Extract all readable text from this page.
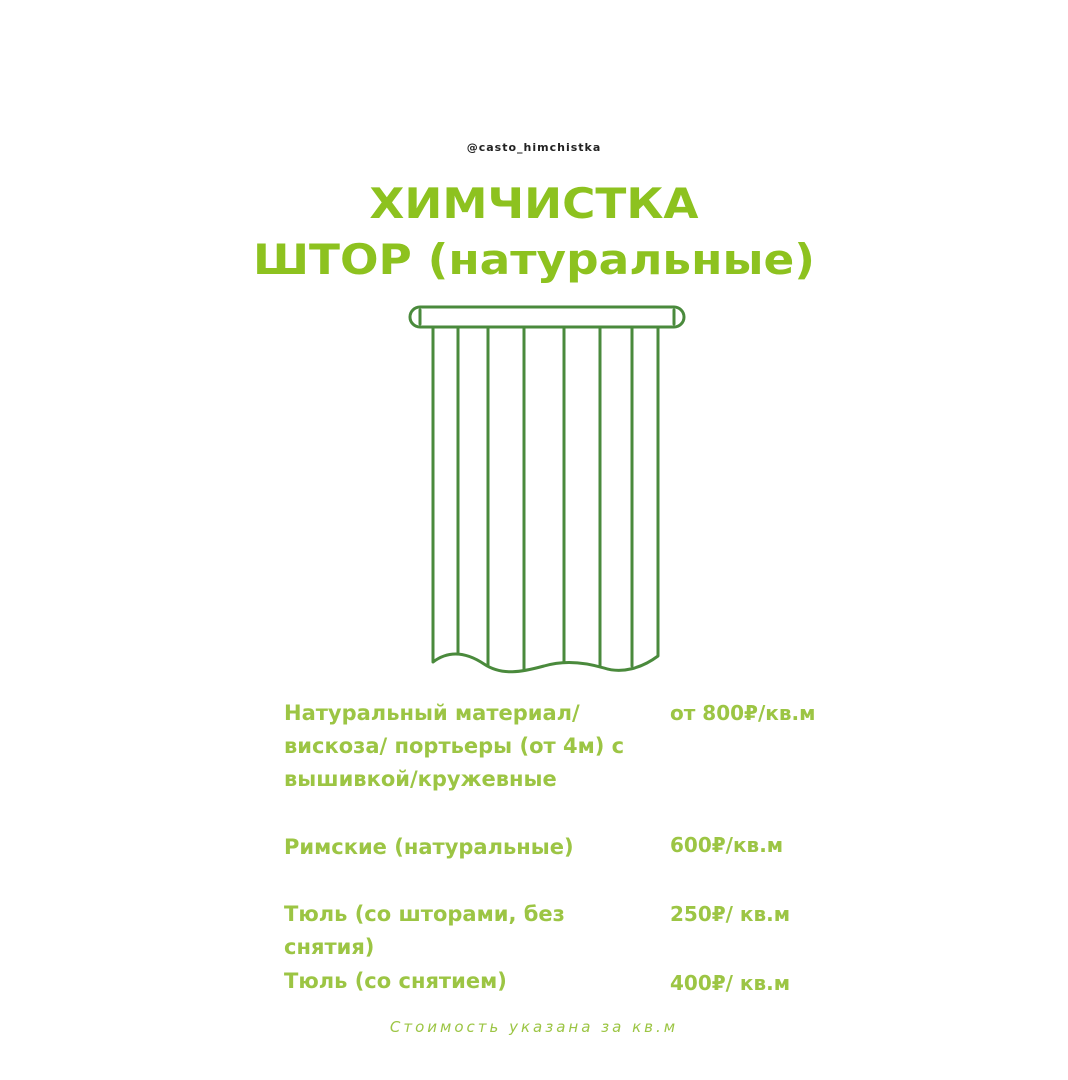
@casto_himchistka
ХИМЧИСТКА
ШТОР (натуральные)
Натуральный материал/ вискоза/ портьеры (от 4м) с вышивкой/кружевные
от 800₽/кв.м
Римские (натуральные)	600₽/кв.м
Тюль (со шторами, без снятия)
250₽/ кв.м
Тюль (со снятием)	400₽/ кв.м
Стоимость указана за кв.м
